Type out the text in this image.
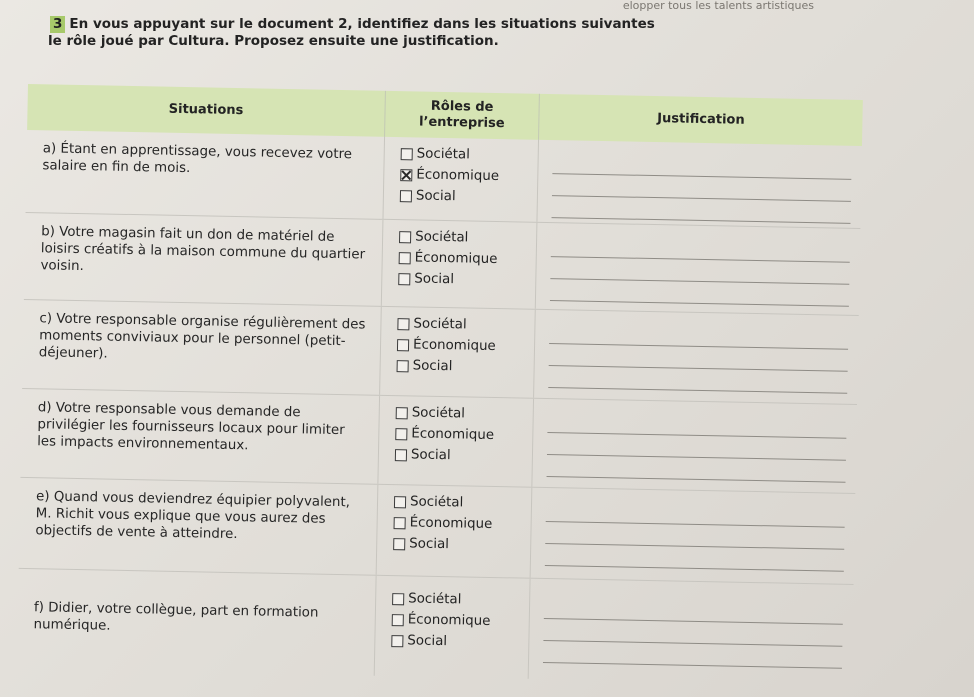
elopper tous les talents artistiques
3 En vous appuyant sur le document 2, identifiez dans les situations suivantes
le rôle joué par Cultura. Proposez ensuite une justification.
Situations	Rôles de l’entreprise	Justification
a) Étant en apprentissage, vous recevez votre salaire en fin de mois.
Sociétal
Économique
Social
b) Votre magasin fait un don de matériel de loisirs créatifs à la maison commune du quartier voisin.
Sociétal
Économique
Social
c) Votre responsable organise régulièrement des moments conviviaux pour le personnel (petit-déjeuner).
Sociétal
Économique
Social
d) Votre responsable vous demande de privilégier les fournisseurs locaux pour limiter les impacts environnementaux.
Sociétal
Économique
Social
e) Quand vous deviendrez équipier polyvalent, M. Richit vous explique que vous aurez des objectifs de vente à atteindre.
Sociétal
Économique
Social
f) Didier, votre collègue, part en formation numérique.
Sociétal
Économique
Social
